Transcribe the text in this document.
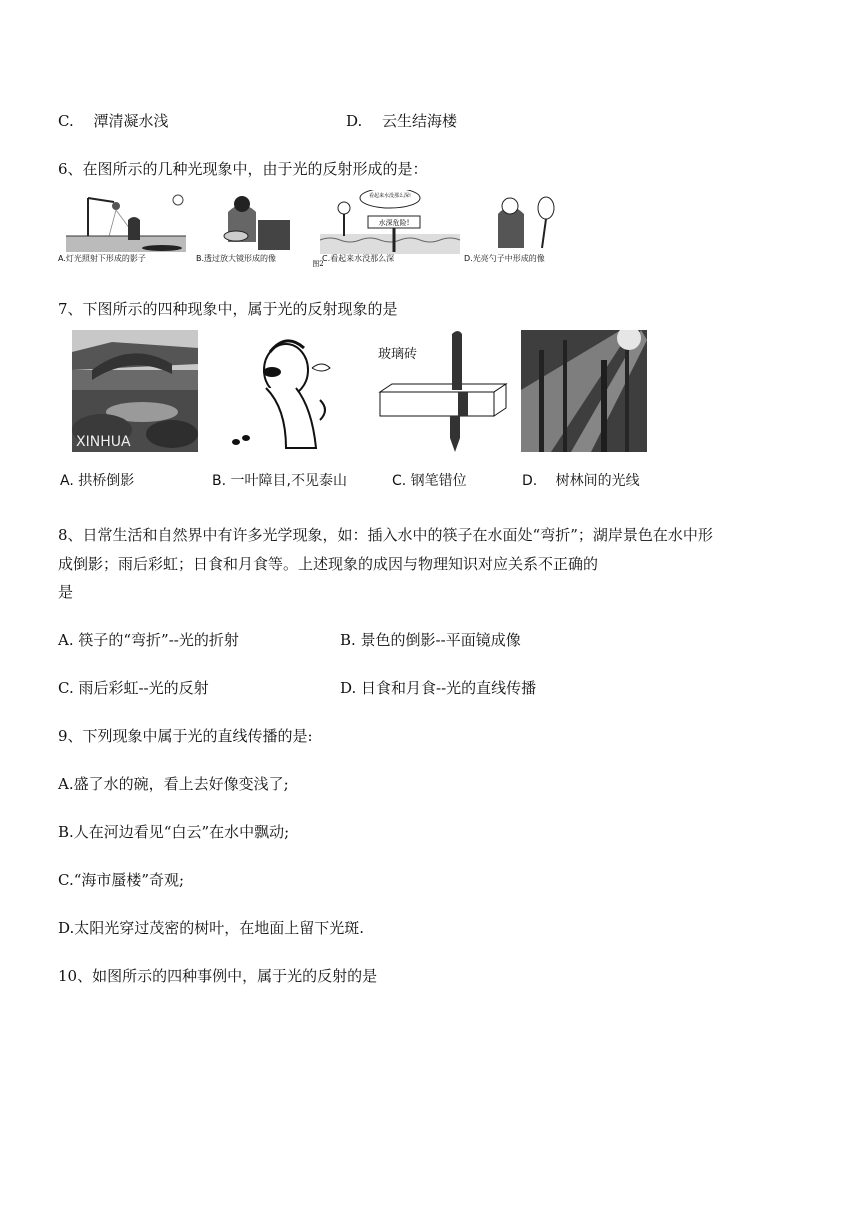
C.　 潭清凝水浅	D.　 云生结海楼
6、在图所示的几种光现象中，由于光的反射形成的是：
看起来水没那么深!
水深危险!
图2
A.灯光照射下形成的影子	B.透过放大镜形成的像	C.看起来水没那么深	D.光亮勺子中形成的像
7、下图所示的四种现象中，属于光的反射现象的是
XINHUA
玻璃砖
A. 拱桥倒影	B. 一叶障目,不见泰山	C. 钢笔错位	D.　 树林间的光线
8、日常生活和自然界中有许多光学现象，如：插入水中的筷子在水面处“弯折”；湖岸景色在水中形
成倒影；雨后彩虹；日食和月食等。上述现象的成因与物理知识对应关系不正确的
是
A. 筷子的“弯折”--光的折射	B. 景色的倒影--平面镜成像
C. 雨后彩虹--光的反射	D. 日食和月食--光的直线传播
9、下列现象中属于光的直线传播的是:
A.盛了水的碗，看上去好像变浅了;
B.人在河边看见“白云”在水中飘动;
C.“海市蜃楼”奇观;
D.太阳光穿过茂密的树叶，在地面上留下光斑.
10、如图所示的四种事例中，属于光的反射的是
